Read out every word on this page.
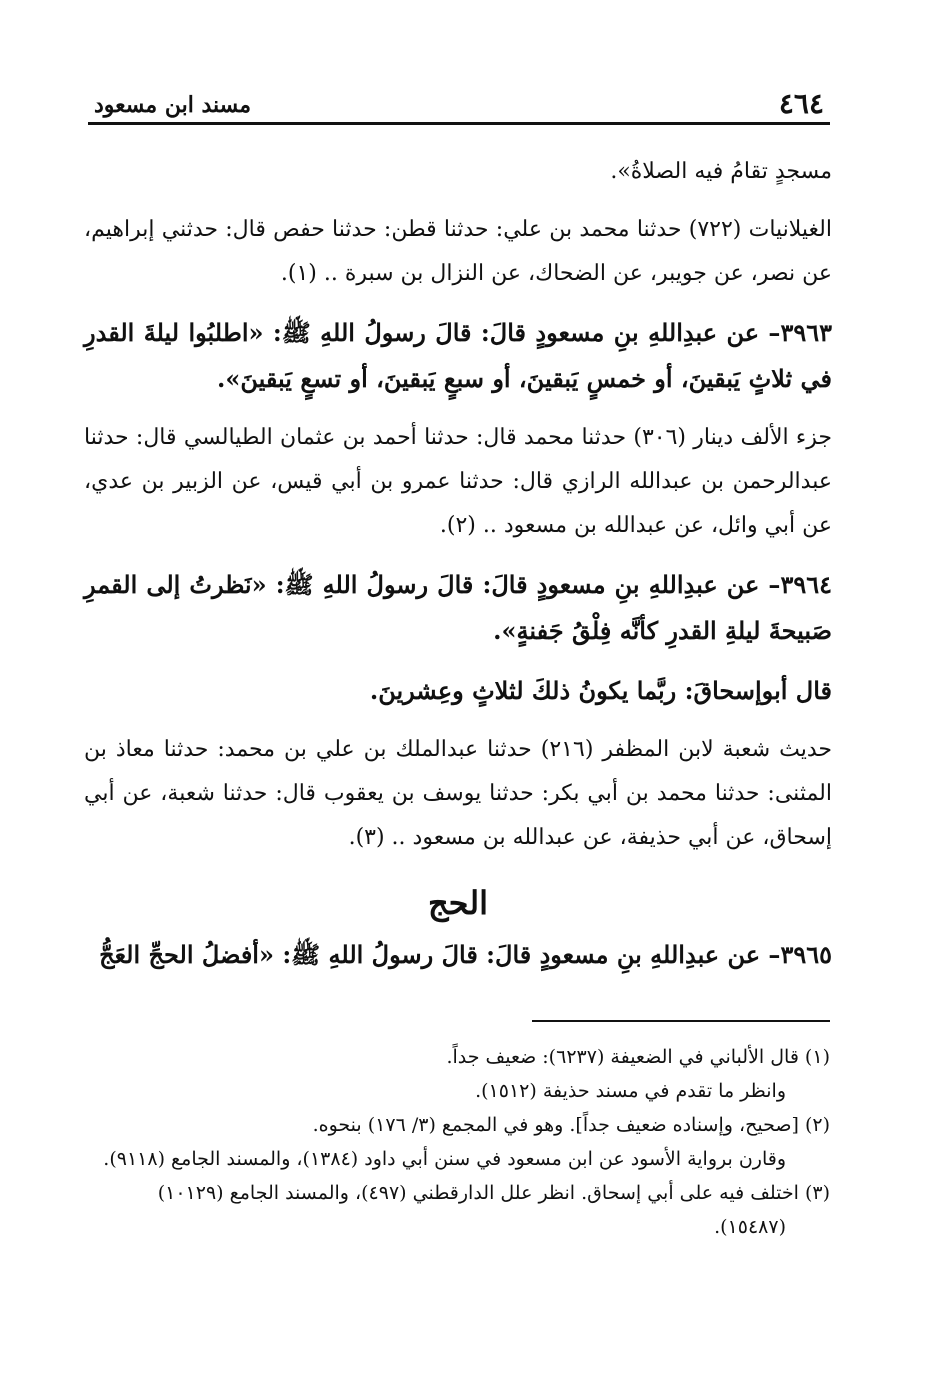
٤٦٤
مسند ابن مسعود

مسجدٍ تقامُ فيه الصلاةُ».

الغيلانيات (٧٢٢) حدثنا محمد بن علي: حدثنا قطن: حدثنا حفص قال: حدثني إبراهيم، عن نصر، عن جويبر، عن الضحاك، عن النزال بن سبرة .. (١).

٣٩٦٣– عن عبدِاللهِ بنِ مسعودٍ قالَ: قالَ رسولُ اللهِ ﷺ: «اطلبُوا ليلةَ القدرِ في ثلاثٍ يَبقينَ، أو خمسٍ يَبقينَ، أو سبعٍ يَبقينَ، أو تسعٍ يَبقينَ».

جزء الألف دينار (٣٠٦) حدثنا محمد قال: حدثنا أحمد بن عثمان الطيالسي قال: حدثنا عبدالرحمن بن عبدالله الرازي قال: حدثنا عمرو بن أبي قيس، عن الزبير بن عدي، عن أبي وائل، عن عبدالله بن مسعود .. (٢).

٣٩٦٤– عن عبدِاللهِ بنِ مسعودٍ قالَ: قالَ رسولُ اللهِ ﷺ: «نَظرتُ إلى القمرِ صَبيحةَ ليلةِ القدرِ كأنَّه فِلْقُ جَفنةٍ».

قال أبوإسحاقَ: ربَّما يكونُ ذلكَ لثلاثٍ وعِشرينَ.

حديث شعبة لابن المظفر (٢١٦) حدثنا عبدالملك بن علي بن محمد: حدثنا معاذ بن المثنى: حدثنا محمد بن أبي بكر: حدثنا يوسف بن يعقوب قال: حدثنا شعبة، عن أبي إسحاق، عن أبي حذيفة، عن عبدالله بن مسعود .. (٣).

الحج

٣٩٦٥– عن عبدِاللهِ بنِ مسعودٍ قالَ: قالَ رسولُ اللهِ ﷺ: «أفضلُ الحجِّ العَجُّ

(١) قال الألباني في الضعيفة (٦٢٣٧): ضعيف جداً.

وانظر ما تقدم في مسند حذيفة (١٥١٢).

(٢) [صحيح، وإسناده ضعيف جداً]. وهو في المجمع (٣/ ١٧٦) بنحوه.

وقارن برواية الأسود عن ابن مسعود في سنن أبي داود (١٣٨٤)، والمسند الجامع (٩١١٨).

(٣) اختلف فيه على أبي إسحاق. انظر علل الدارقطني (٤٩٧)، والمسند الجامع (١٠١٢٩)

(١٥٤٨٧).
